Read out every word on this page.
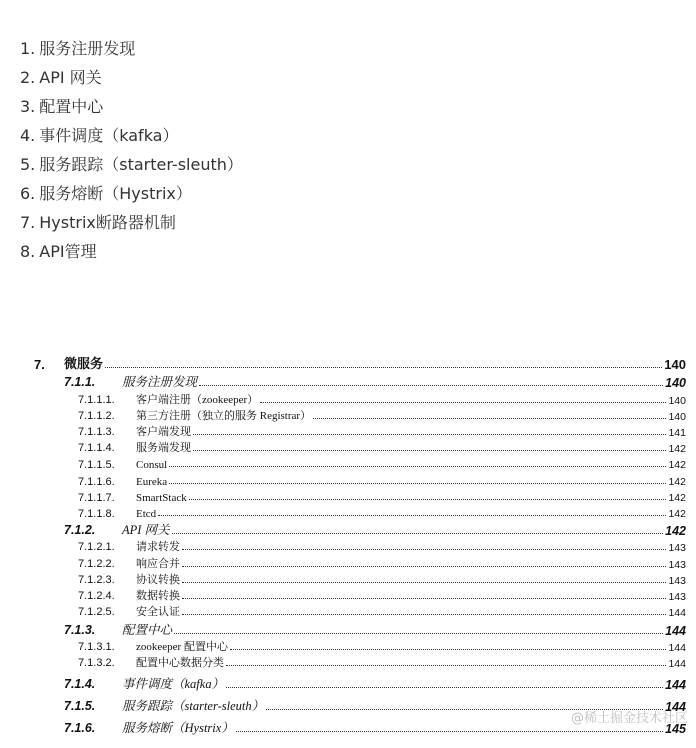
1. 服务注册发现
2. API 网关
3. 配置中心
4. 事件调度（kafka）
5. 服务跟踪（starter-sleuth）
6. 服务熔断（Hystrix）
7. Hystrix断路器机制
8. API管理
7.	微服务	140
7.1.1. 服务注册发现	140
7.1.1.1. 客户端注册（zookeeper）	140
7.1.1.2. 第三方注册（独立的服务 Registrar）	140
7.1.1.3. 客户端发现	141
7.1.1.4. 服务端发现	142
7.1.1.5. Consul	142
7.1.1.6. Eureka	142
7.1.1.7. SmartStack	142
7.1.1.8. Etcd	142
7.1.2. API 网关	142
7.1.2.1. 请求转发	143
7.1.2.2. 响应合并	143
7.1.2.3. 协议转换	143
7.1.2.4. 数据转换	143
7.1.2.5. 安全认证	144
7.1.3. 配置中心	144
7.1.3.1. zookeeper 配置中心	144
7.1.3.2. 配置中心数据分类	144
7.1.4. 事件调度（kafka）	144
7.1.5. 服务跟踪（starter-sleuth）	144
7.1.6. 服务熔断（Hystrix）	145
@稀土掘金技术社区
